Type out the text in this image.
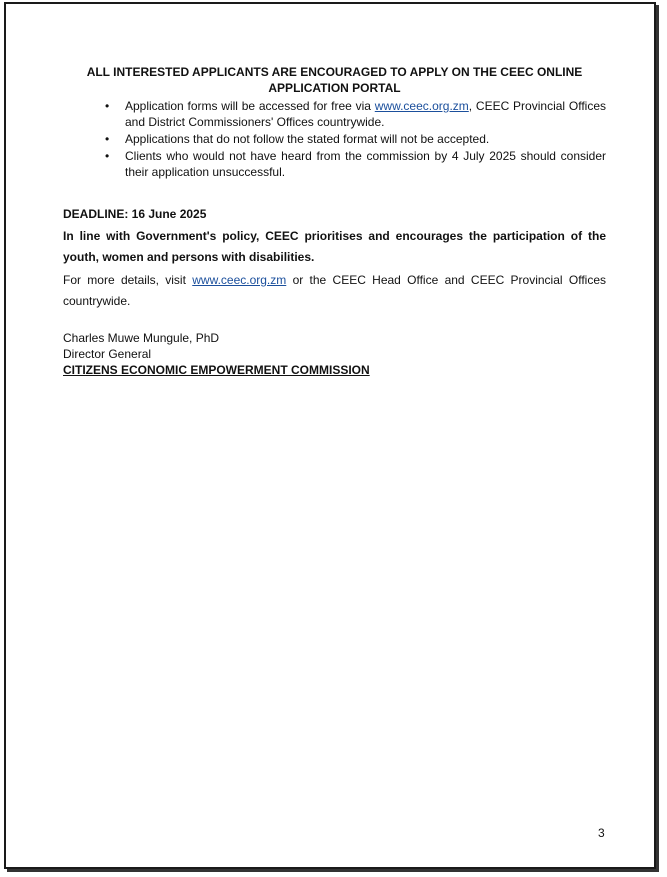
ALL INTERESTED APPLICANTS ARE ENCOURAGED TO APPLY ON THE CEEC ONLINE APPLICATION PORTAL

• Application forms will be accessed for free via www.ceec.org.zm, CEEC Provincial Offices and District Commissioners' Offices countrywide.
• Applications that do not follow the stated format will not be accepted.
• Clients who would not have heard from the commission by 4 July 2025 should consider their application unsuccessful.
DEADLINE: 16 June 2025
In line with Government's policy, CEEC prioritises and encourages the participation of the youth, women and persons with disabilities.
For more details, visit www.ceec.org.zm or the CEEC Head Office and CEEC Provincial Offices countrywide.
Charles Muwe Mungule, PhD
Director General
CITIZENS ECONOMIC EMPOWERMENT COMMISSION
3
